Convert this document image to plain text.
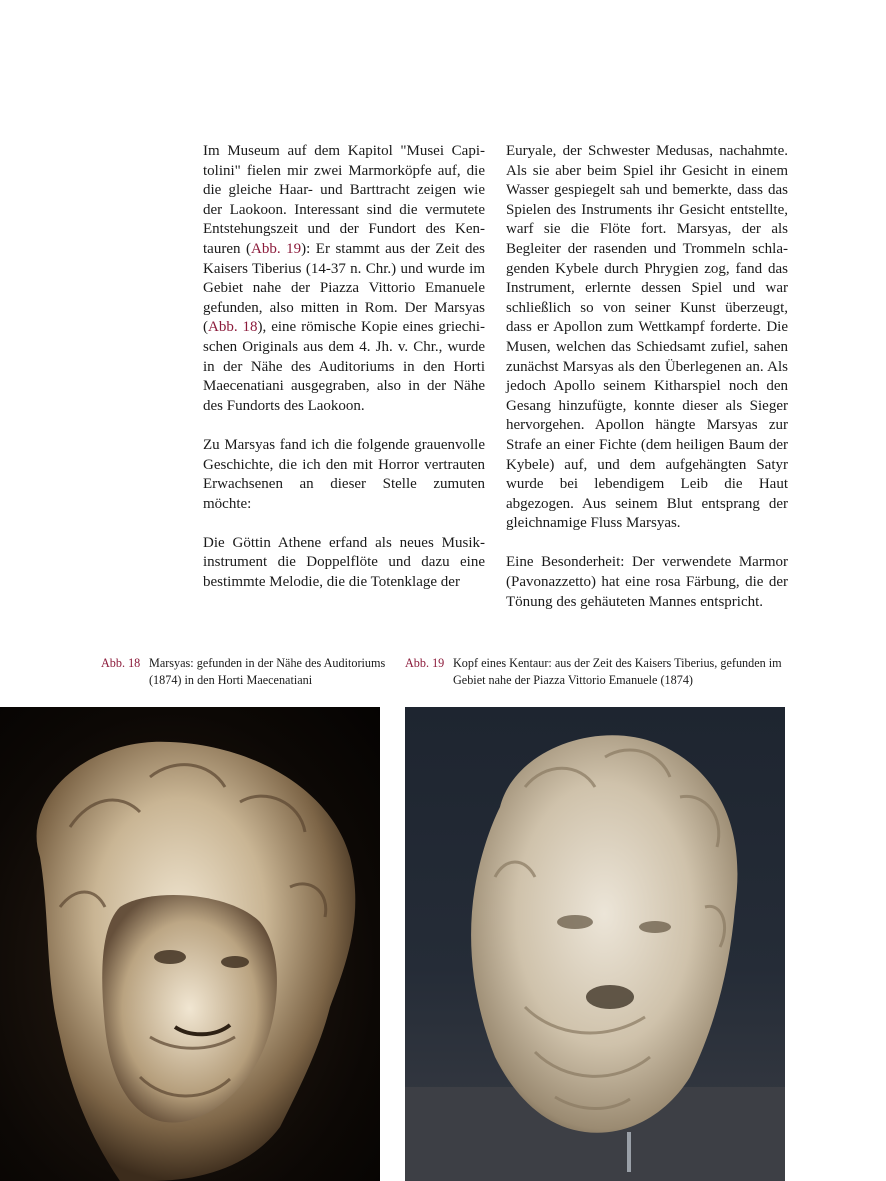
Im Museum auf dem Kapitol "Musei Capitolini" fielen mir zwei Marmorköpfe auf, die die gleiche Haar- und Barttracht zeigen wie der Laokoon. Interessant sind die vermutete Entstehungszeit und der Fundort des Kentauren (Abb. 19): Er stammt aus der Zeit des Kaisers Tiberius (14-37 n. Chr.) und wurde im Gebiet nahe der Piazza Vittorio Emanuele gefunden, also mitten in Rom. Der Marsyas (Abb. 18), eine römische Kopie eines griechischen Originals aus dem 4. Jh. v. Chr., wurde in der Nähe des Auditoriums in den Horti Maecenatiani ausgegraben, also in der Nähe des Fundorts des Laokoon.

Zu Marsyas fand ich die folgende grauenvolle Geschichte, die ich den mit Horror vertrauten Erwachsenen an dieser Stelle zumuten möchte:

Die Göttin Athene erfand als neues Musikinstrument die Doppelflöte und dazu eine bestimmte Melodie, die die Totenklage der

Euryale, der Schwester Medusas, nachahmte. Als sie aber beim Spiel ihr Gesicht in einem Wasser gespiegelt sah und bemerkte, dass das Spielen des Instruments ihr Gesicht entstellte, warf sie die Flöte fort. Marsyas, der als Begleiter der rasenden und Trommeln schlagenden Kybele durch Phrygien zog, fand das Instrument, erlernte dessen Spiel und war schließlich so von seiner Kunst überzeugt, dass er Apollon zum Wettkampf forderte. Die Musen, welchen das Schiedsamt zufiel, sahen zunächst Marsyas als den Überlegenen an. Als jedoch Apollo seinem Kitharspiel noch den Gesang hinzufügte, konnte dieser als Sieger hervorgehen. Apollon hängte Marsyas zur Strafe an einer Fichte (dem heiligen Baum der Kybele) auf, und dem aufgehängten Satyr wurde bei lebendigem Leib die Haut abgezogen. Aus seinem Blut entsprang der gleichnamige Fluss Marsyas.

Eine Besonderheit: Der verwendete Marmor (Pavonazzetto) hat eine rosa Färbung, die der Tönung des gehäuteten Mannes entspricht.

Abb. 18 Marsyas: gefunden in der Nähe des Auditoriums (1874) in den Horti Maecenatiani
Abb. 19 Kopf eines Kentaur: aus der Zeit des Kaisers Tiberius, gefunden im Gebiet nahe der Piazza Vittorio Emanuele (1874)
